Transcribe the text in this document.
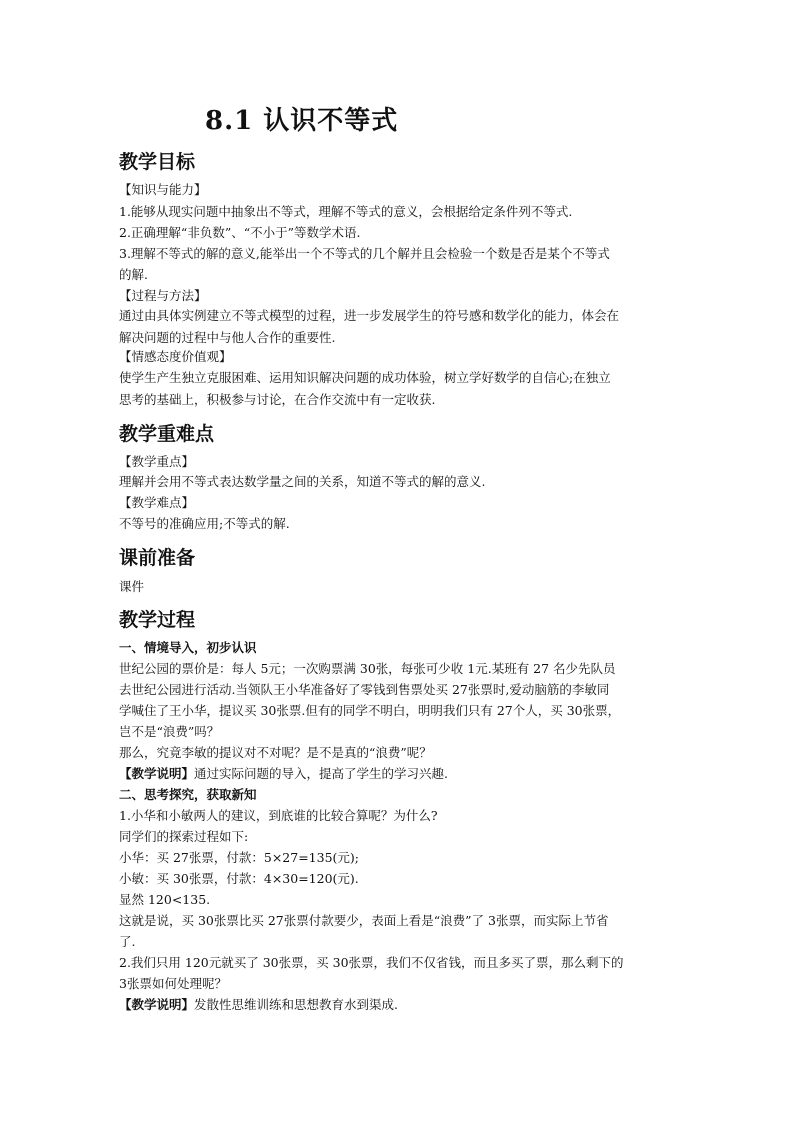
8.1 认识不等式
教学目标
【知识与能力】
1.能够从现实问题中抽象出不等式，理解不等式的意义，会根据给定条件列不等式.
2.正确理解“非负数”、“不小于”等数学术语.
3.理解不等式的解的意义,能举出一个不等式的几个解并且会检验一个数是否是某个不等式
的解.
【过程与方法】
通过由具体实例建立不等式模型的过程，进一步发展学生的符号感和数学化的能力，体会在
解决问题的过程中与他人合作的重要性.
【情感态度价值观】
使学生产生独立克服困难、运用知识解决问题的成功体验，树立学好数学的自信心;在独立
思考的基础上，积极参与讨论，在合作交流中有一定收获.
教学重难点
【教学重点】
理解并会用不等式表达数学量之间的关系，知道不等式的解的意义.
【教学难点】
不等号的准确应用;不等式的解.
课前准备
课件
教学过程
一、情境导入，初步认识
世纪公园的票价是：每人 5元；一次购票满 30张，每张可少收 1元.某班有 27 名少先队员
去世纪公园进行活动.当领队王小华准备好了零钱到售票处买 27张票时,爱动脑筋的李敏同
学喊住了王小华，提议买 30张票.但有的同学不明白，明明我们只有 27个人，买 30张票，
岂不是“浪费”吗？
那么，究竟李敏的提议对不对呢？是不是真的“浪费”呢？
【教学说明】通过实际问题的导入，提高了学生的学习兴趣.
二、思考探究，获取新知
1.小华和小敏两人的建议，到底谁的比较合算呢？为什么?
同学们的探索过程如下:
小华：买 27张票，付款：5×27=135(元);
小敏：买 30张票，付款：4×30=120(元).
显然 120<135.
这就是说，买 30张票比买 27张票付款要少，表面上看是“浪费”了 3张票，而实际上节省
了.
2.我们只用 120元就买了 30张票，买 30张票，我们不仅省钱，而且多买了票，那么剩下的
3张票如何处理呢？
【教学说明】发散性思维训练和思想教育水到渠成.
